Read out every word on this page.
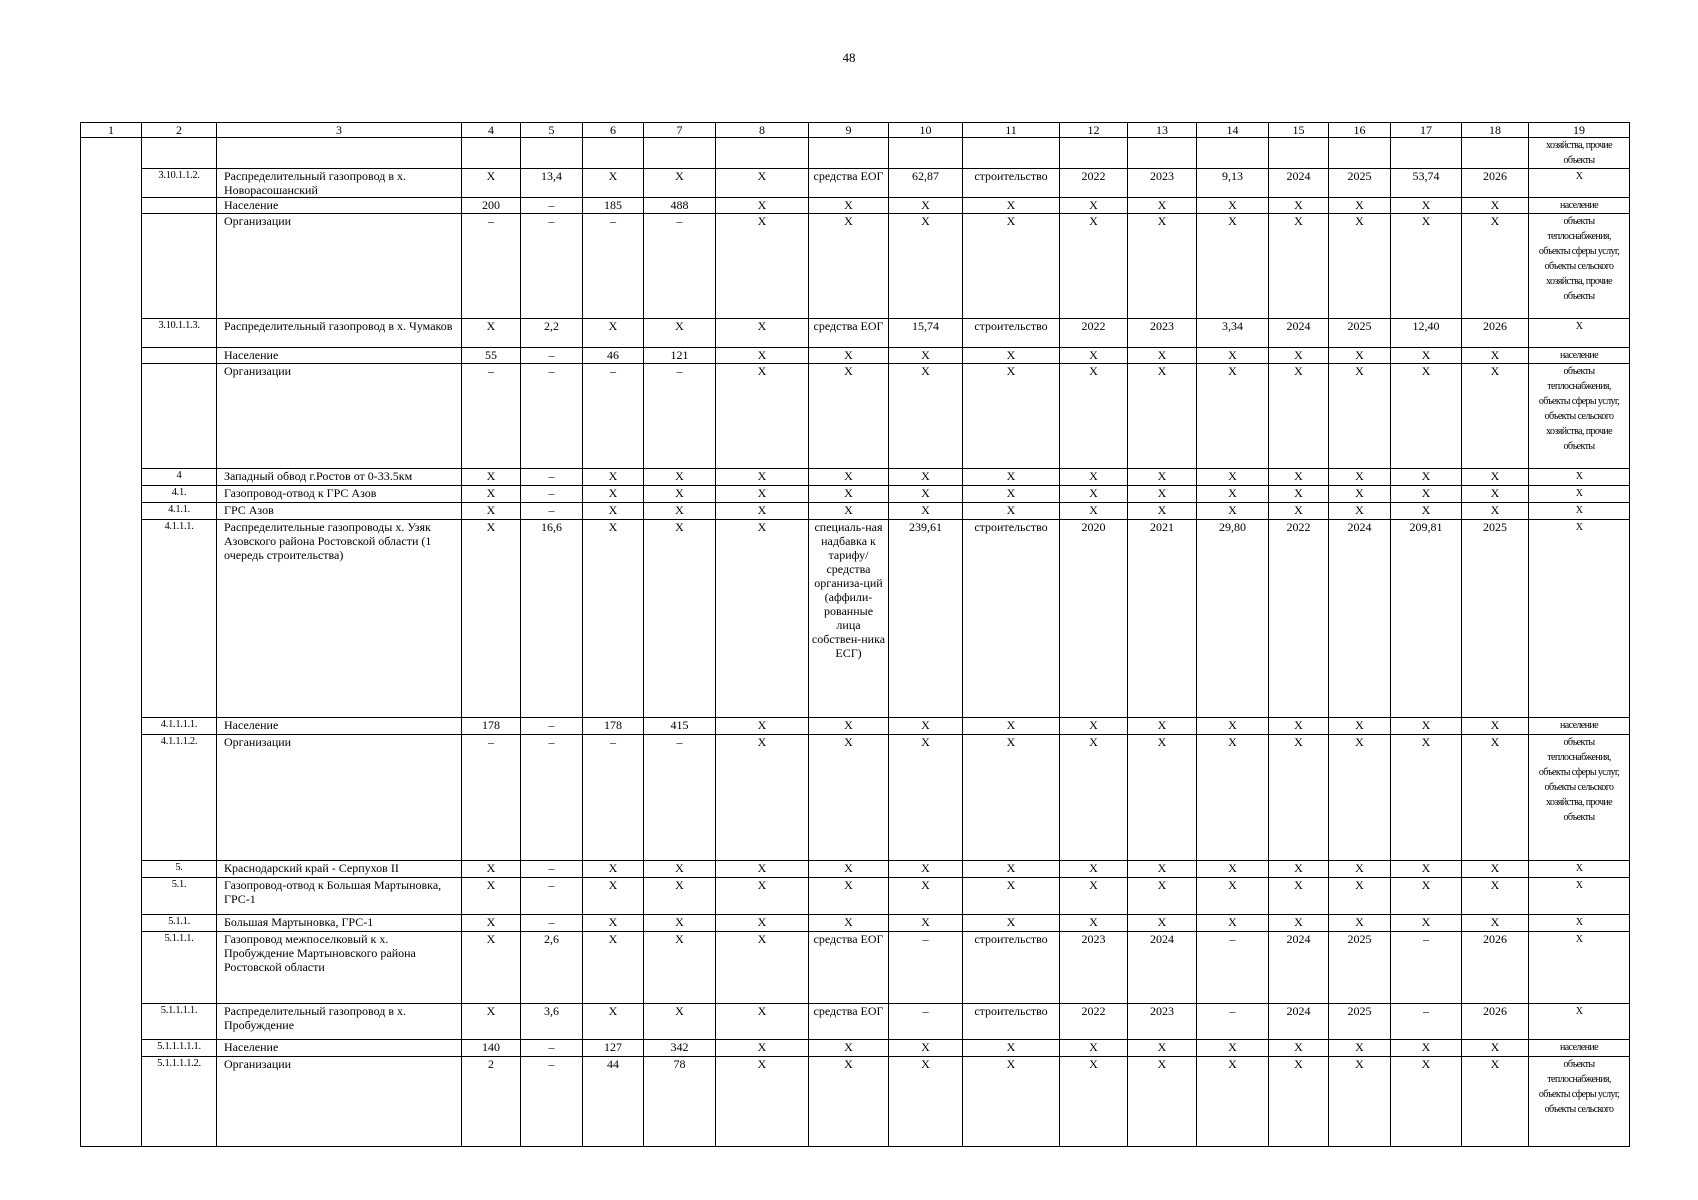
48
1	2	3	4	5	6	7	8	9	10	11	12	13	14	15	16	17	18	19
																		хозяйства, прочие объекты
	3.10.1.1.2.	Распределительный газопровод в х. Новорасошанский	Х	13,4	Х	Х	Х	средства ЕОГ	62,87	строительство	2022	2023	9,13	2024	2025	53,74	2026	Х
		Население	200	–	185	488	Х	Х	Х	Х	Х	Х	Х	Х	Х	Х	Х	население
		Организации	–	–	–	–	Х	Х	Х	Х	Х	Х	Х	Х	Х	Х	Х	объекты теплоснабжения, объекты сферы услуг, объекты сельского хозяйства, прочие объекты
	3.10.1.1.3.	Распределительный газопровод в х. Чумаков	Х	2,2	Х	Х	Х	средства ЕОГ	15,74	строительство	2022	2023	3,34	2024	2025	12,40	2026	Х
		Население	55	–	46	121	Х	Х	Х	Х	Х	Х	Х	Х	Х	Х	Х	население
		Организации	–	–	–	–	Х	Х	Х	Х	Х	Х	Х	Х	Х	Х	Х	объекты теплоснабжения, объекты сферы услуг, объекты сельского хозяйства, прочие объекты
	4	Западный обвод г.Ростов от 0-33.5км	Х	–	Х	Х	Х	Х	Х	Х	Х	Х	Х	Х	Х	Х	Х	Х
	4.1.	Газопровод-отвод к ГРС Азов	Х	–	Х	Х	Х	Х	Х	Х	Х	Х	Х	Х	Х	Х	Х	Х
	4.1.1.	ГРС Азов	Х	–	Х	Х	Х	Х	Х	Х	Х	Х	Х	Х	Х	Х	Х	Х
	4.1.1.1.	Распределительные газопроводы х. Узяк Азовского района Ростовской области (1 очередь строительства)	Х	16,6	Х	Х	Х	специаль-ная надбавка к тарифу/ средства организа-ций (аффили-рованные лица собствен-ника ЕСГ)	239,61	строительство	2020	2021	29,80	2022	2024	209,81	2025	Х
	4.1.1.1.1.	Население	178	–	178	415	Х	Х	Х	Х	Х	Х	Х	Х	Х	Х	Х	население
	4.1.1.1.2.	Организации	–	–	–	–	Х	Х	Х	Х	Х	Х	Х	Х	Х	Х	Х	объекты теплоснабжения, объекты сферы услуг, объекты сельского хозяйства, прочие объекты
	5.	Краснодарский край - Серпухов II	Х	–	Х	Х	Х	Х	Х	Х	Х	Х	Х	Х	Х	Х	Х	Х
	5.1.	Газопровод-отвод к Большая Мартыновка, ГРС-1	Х	–	Х	Х	Х	Х	Х	Х	Х	Х	Х	Х	Х	Х	Х	Х
	5.1.1.	Большая Мартыновка, ГРС-1	Х	–	Х	Х	Х	Х	Х	Х	Х	Х	Х	Х	Х	Х	Х	Х
	5.1.1.1.	Газопровод межпоселковый к х. Пробуждение Мартыновского района Ростовской области	Х	2,6	Х	Х	Х	средства ЕОГ	–	строительство	2023	2024	–	2024	2025	–	2026	Х
	5.1.1.1.1.	Распределительный газопровод в х. Пробуждение	Х	3,6	Х	Х	Х	средства ЕОГ	–	строительство	2022	2023	–	2024	2025	–	2026	Х
	5.1.1.1.1.1.	Население	140	–	127	342	Х	Х	Х	Х	Х	Х	Х	Х	Х	Х	Х	население
	5.1.1.1.1.2.	Организации	2	–	44	78	Х	Х	Х	Х	Х	Х	Х	Х	Х	Х	Х	объекты теплоснабжения, объекты сферы услуг, объекты сельского
